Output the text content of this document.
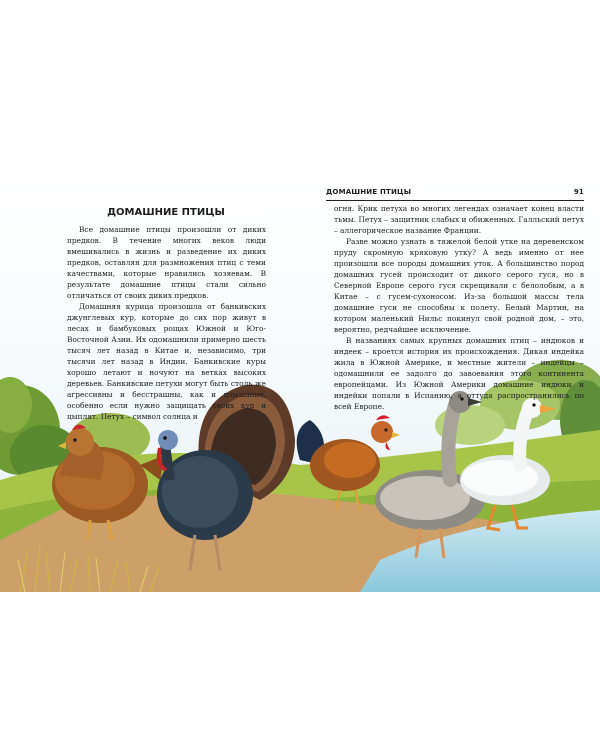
ДОМАШНИЕ ПТИЦЫ	91
ДОМАШНИЕ ПТИЦЫ

Все домашние птицы произошли от диких предков. В течение многих веков люди вмешивались в жизнь и разведение их диких предков, оставляя для размножения птиц с теми качествами, которые нравились хозяевам. В результате домашние птицы стали сильно отличаться от своих диких предков.

Домашняя курица произошла от банкивских джунглевых кур, которые до сих пор живут в лесах и бамбуковых рощах Южной и Юго-Восточной Азии. Их одомашнили примерно шесть тысяч лет назад в Китае и, независимо, три тысячи лет назад в Индии. Банкивские куры хорошо летают и ночуют на ветках высоких деревьев. Банкивские петухи могут быть столь же агрессивны и бесстрашны, как и домашние, особенно если нужно защищать своих кур и цыплят. Петух – символ солнца и

огня. Крик петуха во многих легендах означает конец власти тьмы. Петух – защитник слабых и обиженных. Галльский петух – аллегорическое название Франции.

Разве можно узнать в тяжелой белой утке на деревенском пруду скромную кряковую утку? А ведь именно от нее произошли все породы домашних уток. А большинство пород домашних гусей происходит от дикого серого гуся, но в Северной Европе серого гуся скрещивали с белолобым, а в Китае – с гусем-сухоносом. Из-за большой массы тела домашние гуси не способны к полету. Белый Мартин, на котором маленький Нильс покинул свой родной дом, – это, вероятно, редчайшее исключение.

В названиях самых крупных домашних птиц – индюков и индеек – кроется история их происхождения. Дикая индейка жила в Южной Америке, и местные жители – индейцы – одомашнили ее задолго до завоевания этого континента европейцами. Из Южной Америки домашние индюки и индейки попали в Испанию, а оттуда распространились по всей Европе.
